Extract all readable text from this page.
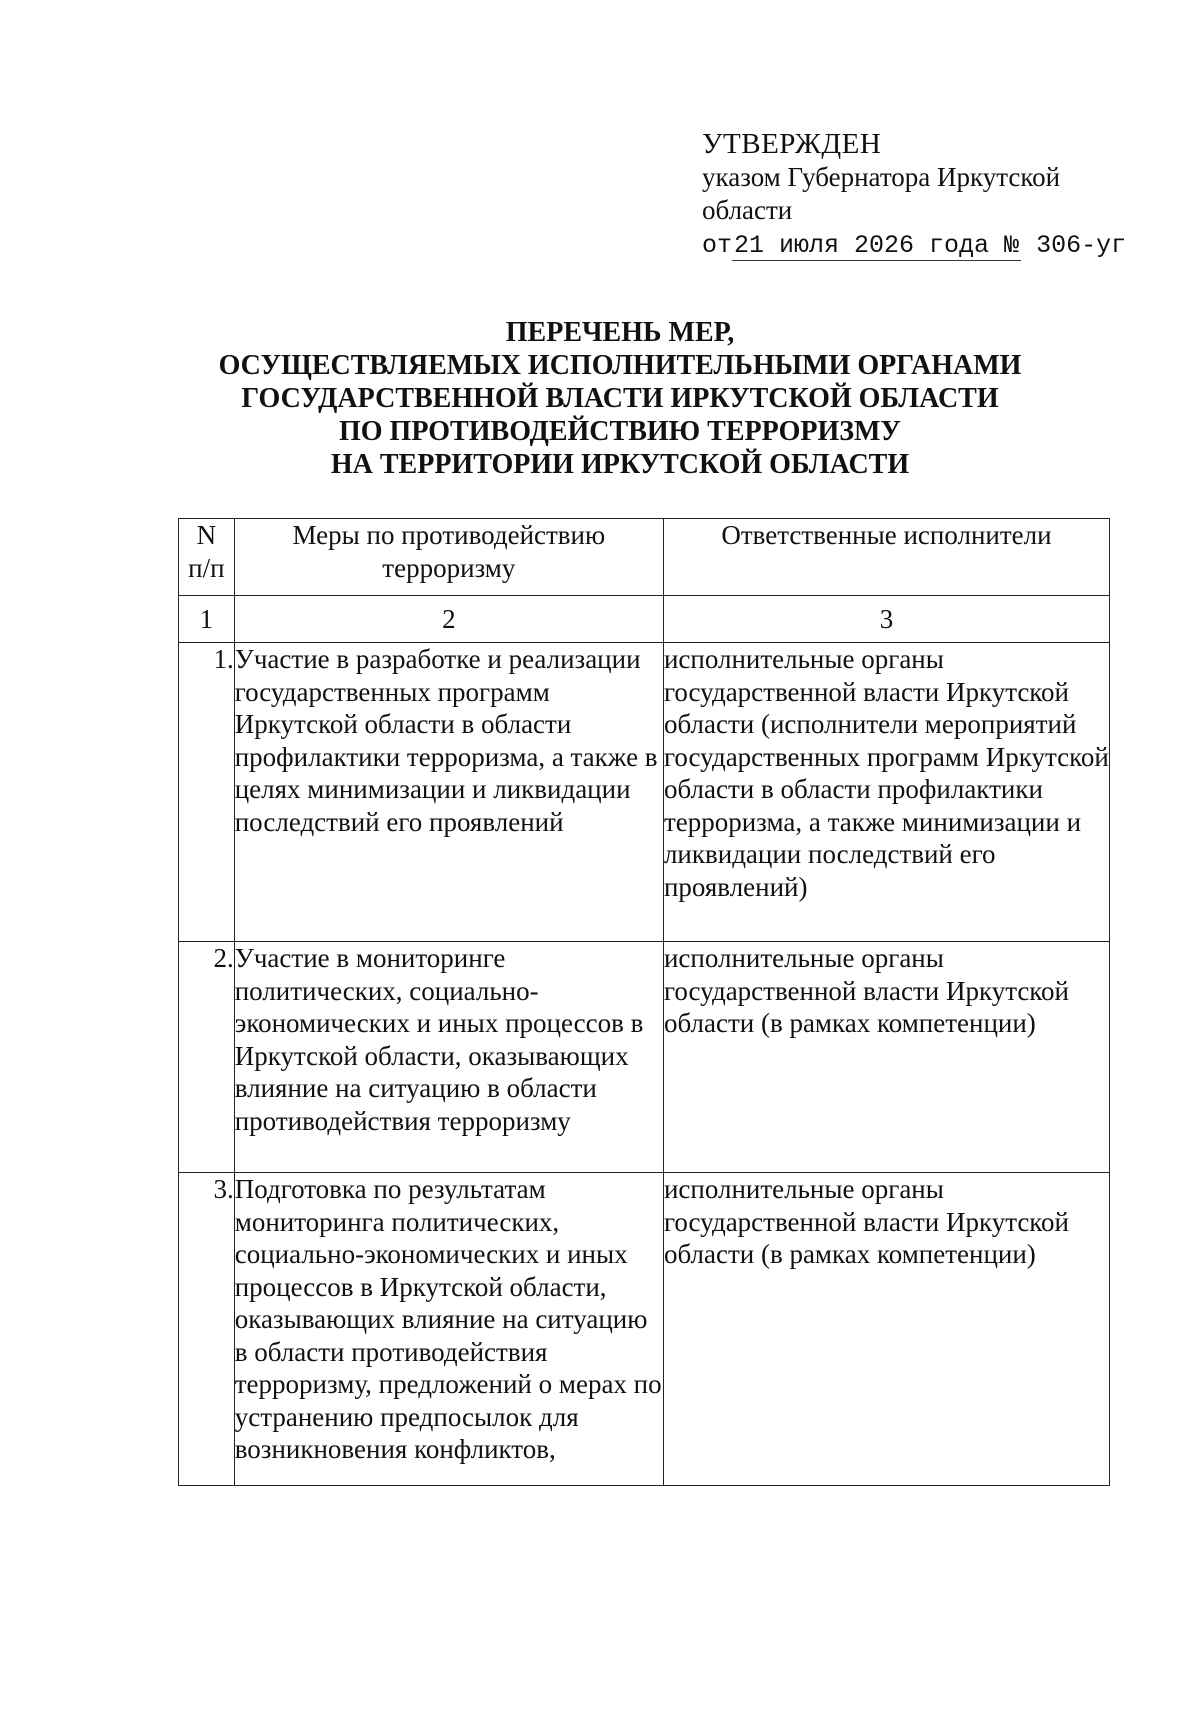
УТВЕРЖДЕН
указом Губернатора Иркутской
области
от21 июля 2026 года № 306-уг
ПЕРЕЧЕНЬ МЕР,
ОСУЩЕСТВЛЯЕМЫХ ИСПОЛНИТЕЛЬНЫМИ ОРГАНАМИ
ГОСУДАРСТВЕННОЙ ВЛАСТИ ИРКУТСКОЙ ОБЛАСТИ
ПО ПРОТИВОДЕЙСТВИЮ ТЕРРОРИЗМУ
НА ТЕРРИТОРИИ ИРКУТСКОЙ ОБЛАСТИ
N
п/п	Меры по противодействию терроризму	Ответственные исполнители
1	2	3
1.	Участие в разработке и реализации государственных программ Иркутской области в области профилактики терроризма, а также в целях минимизации и ликвидации последствий его проявлений	исполнительные органы государственной власти Иркутской области (исполнители мероприятий государственных программ Иркутской области в области профилактики терроризма, а также минимизации и ликвидации последствий его проявлений)
2.	Участие в мониторинге политических, социально-экономических и иных процессов в Иркутской области, оказывающих влияние на ситуацию в области противодействия терроризму	исполнительные органы государственной власти Иркутской области (в рамках компетенции)
3.	Подготовка по результатам мониторинга политических, социально-экономических и иных процессов в Иркутской области, оказывающих влияние на ситуацию в области противодействия терроризму, предложений о мерах по устранению предпосылок для возникновения конфликтов,	исполнительные органы государственной власти Иркутской области (в рамках компетенции)
